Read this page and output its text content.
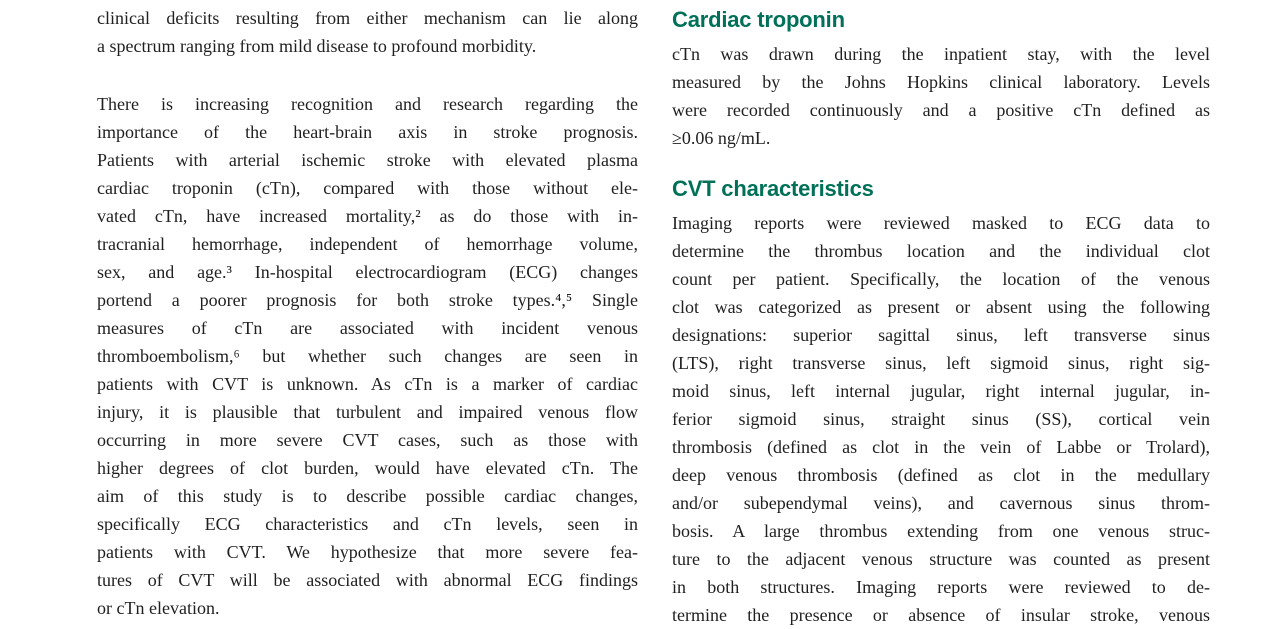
clinical deficits resulting from either mechanism can lie along
a spectrum ranging from mild disease to profound morbidity.
There is increasing recognition and research regarding the
importance of the heart-brain axis in stroke prognosis.
Patients with arterial ischemic stroke with elevated plasma
cardiac troponin (cTn), compared with those without ele-
vated cTn, have increased mortality,² as do those with in-
tracranial hemorrhage, independent of hemorrhage volume,
sex, and age.³ In-hospital electrocardiogram (ECG) changes
portend a poorer prognosis for both stroke types.⁴,⁵ Single
measures of cTn are associated with incident venous
thromboembolism,⁶ but whether such changes are seen in
patients with CVT is unknown. As cTn is a marker of cardiac
injury, it is plausible that turbulent and impaired venous flow
occurring in more severe CVT cases, such as those with
higher degrees of clot burden, would have elevated cTn. The
aim of this study is to describe possible cardiac changes,
specifically ECG characteristics and cTn levels, seen in
patients with CVT. We hypothesize that more severe fea-
tures of CVT will be associated with abnormal ECG findings
or cTn elevation.
Cardiac troponin
cTn was drawn during the inpatient stay, with the level
measured by the Johns Hopkins clinical laboratory. Levels
were recorded continuously and a positive cTn defined as
≥0.06 ng/mL.
CVT characteristics
Imaging reports were reviewed masked to ECG data to
determine the thrombus location and the individual clot
count per patient. Specifically, the location of the venous
clot was categorized as present or absent using the following
designations: superior sagittal sinus, left transverse sinus
(LTS), right transverse sinus, left sigmoid sinus, right sig-
moid sinus, left internal jugular, right internal jugular, in-
ferior sigmoid sinus, straight sinus (SS), cortical vein
thrombosis (defined as clot in the vein of Labbe or Trolard),
deep venous thrombosis (defined as clot in the medullary
and/or subependymal veins), and cavernous sinus throm-
bosis. A large thrombus extending from one venous struc-
ture to the adjacent venous structure was counted as present
in both structures. Imaging reports were reviewed to de-
termine the presence or absence of insular stroke, venous
